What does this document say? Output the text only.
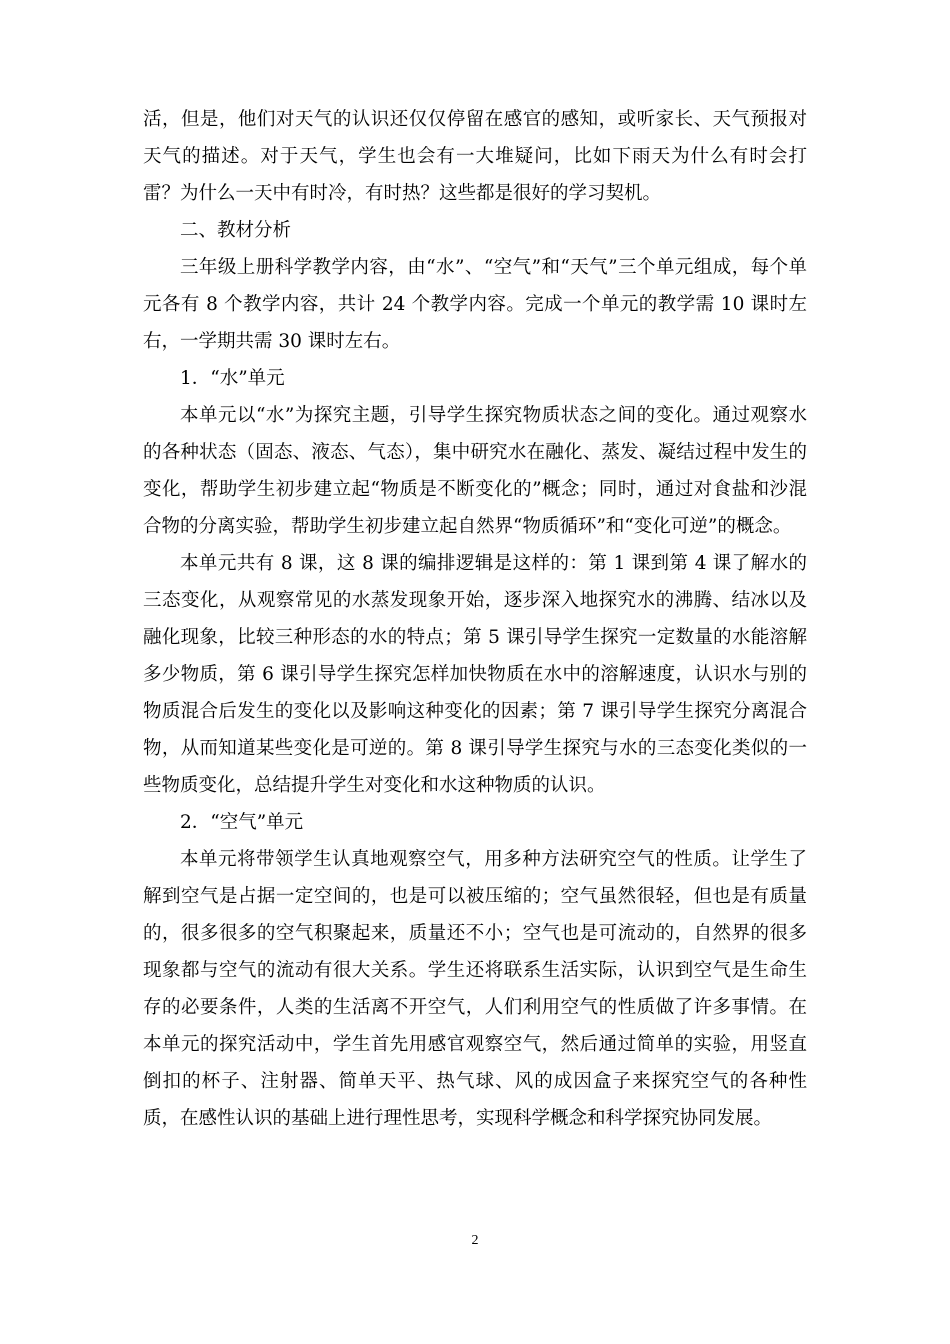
活，但是，他们对天气的认识还仅仅停留在感官的感知，或听家长、天气预报对天气的描述。对于天气，学生也会有一大堆疑问，比如下雨天为什么有时会打雷？为什么一天中有时冷，有时热？这些都是很好的学习契机。

二、教材分析

三年级上册科学教学内容，由“水”、“空气”和“天气”三个单元组成，每个单元各有 8 个教学内容，共计 24 个教学内容。完成一个单元的教学需 10 课时左右，一学期共需 30 课时左右。

1．“水”单元

本单元以“水”为探究主题，引导学生探究物质状态之间的变化。通过观察水的各种状态（固态、液态、气态），集中研究水在融化、蒸发、凝结过程中发生的变化，帮助学生初步建立起“物质是不断变化的”概念；同时，通过对食盐和沙混合物的分离实验，帮助学生初步建立起自然界“物质循环”和“变化可逆”的概念。

本单元共有 8 课，这 8 课的编排逻辑是这样的：第 1 课到第 4 课了解水的三态变化，从观察常见的水蒸发现象开始，逐步深入地探究水的沸腾、结冰以及融化现象，比较三种形态的水的特点；第 5 课引导学生探究一定数量的水能溶解多少物质，第 6 课引导学生探究怎样加快物质在水中的溶解速度，认识水与别的物质混合后发生的变化以及影响这种变化的因素；第 7 课引导学生探究分离混合物，从而知道某些变化是可逆的。第 8 课引导学生探究与水的三态变化类似的一些物质变化，总结提升学生对变化和水这种物质的认识。

2．“空气”单元

本单元将带领学生认真地观察空气，用多种方法研究空气的性质。让学生了解到空气是占据一定空间的，也是可以被压缩的；空气虽然很轻，但也是有质量的，很多很多的空气积聚起来，质量还不小；空气也是可流动的，自然界的很多现象都与空气的流动有很大关系。学生还将联系生活实际，认识到空气是生命生存的必要条件，人类的生活离不开空气，人们利用空气的性质做了许多事情。在本单元的探究活动中，学生首先用感官观察空气，然后通过简单的实验，用竖直倒扣的杯子、注射器、简单天平、热气球、风的成因盒子来探究空气的各种性质，在感性认识的基础上进行理性思考，实现科学概念和科学探究协同发展。

2
